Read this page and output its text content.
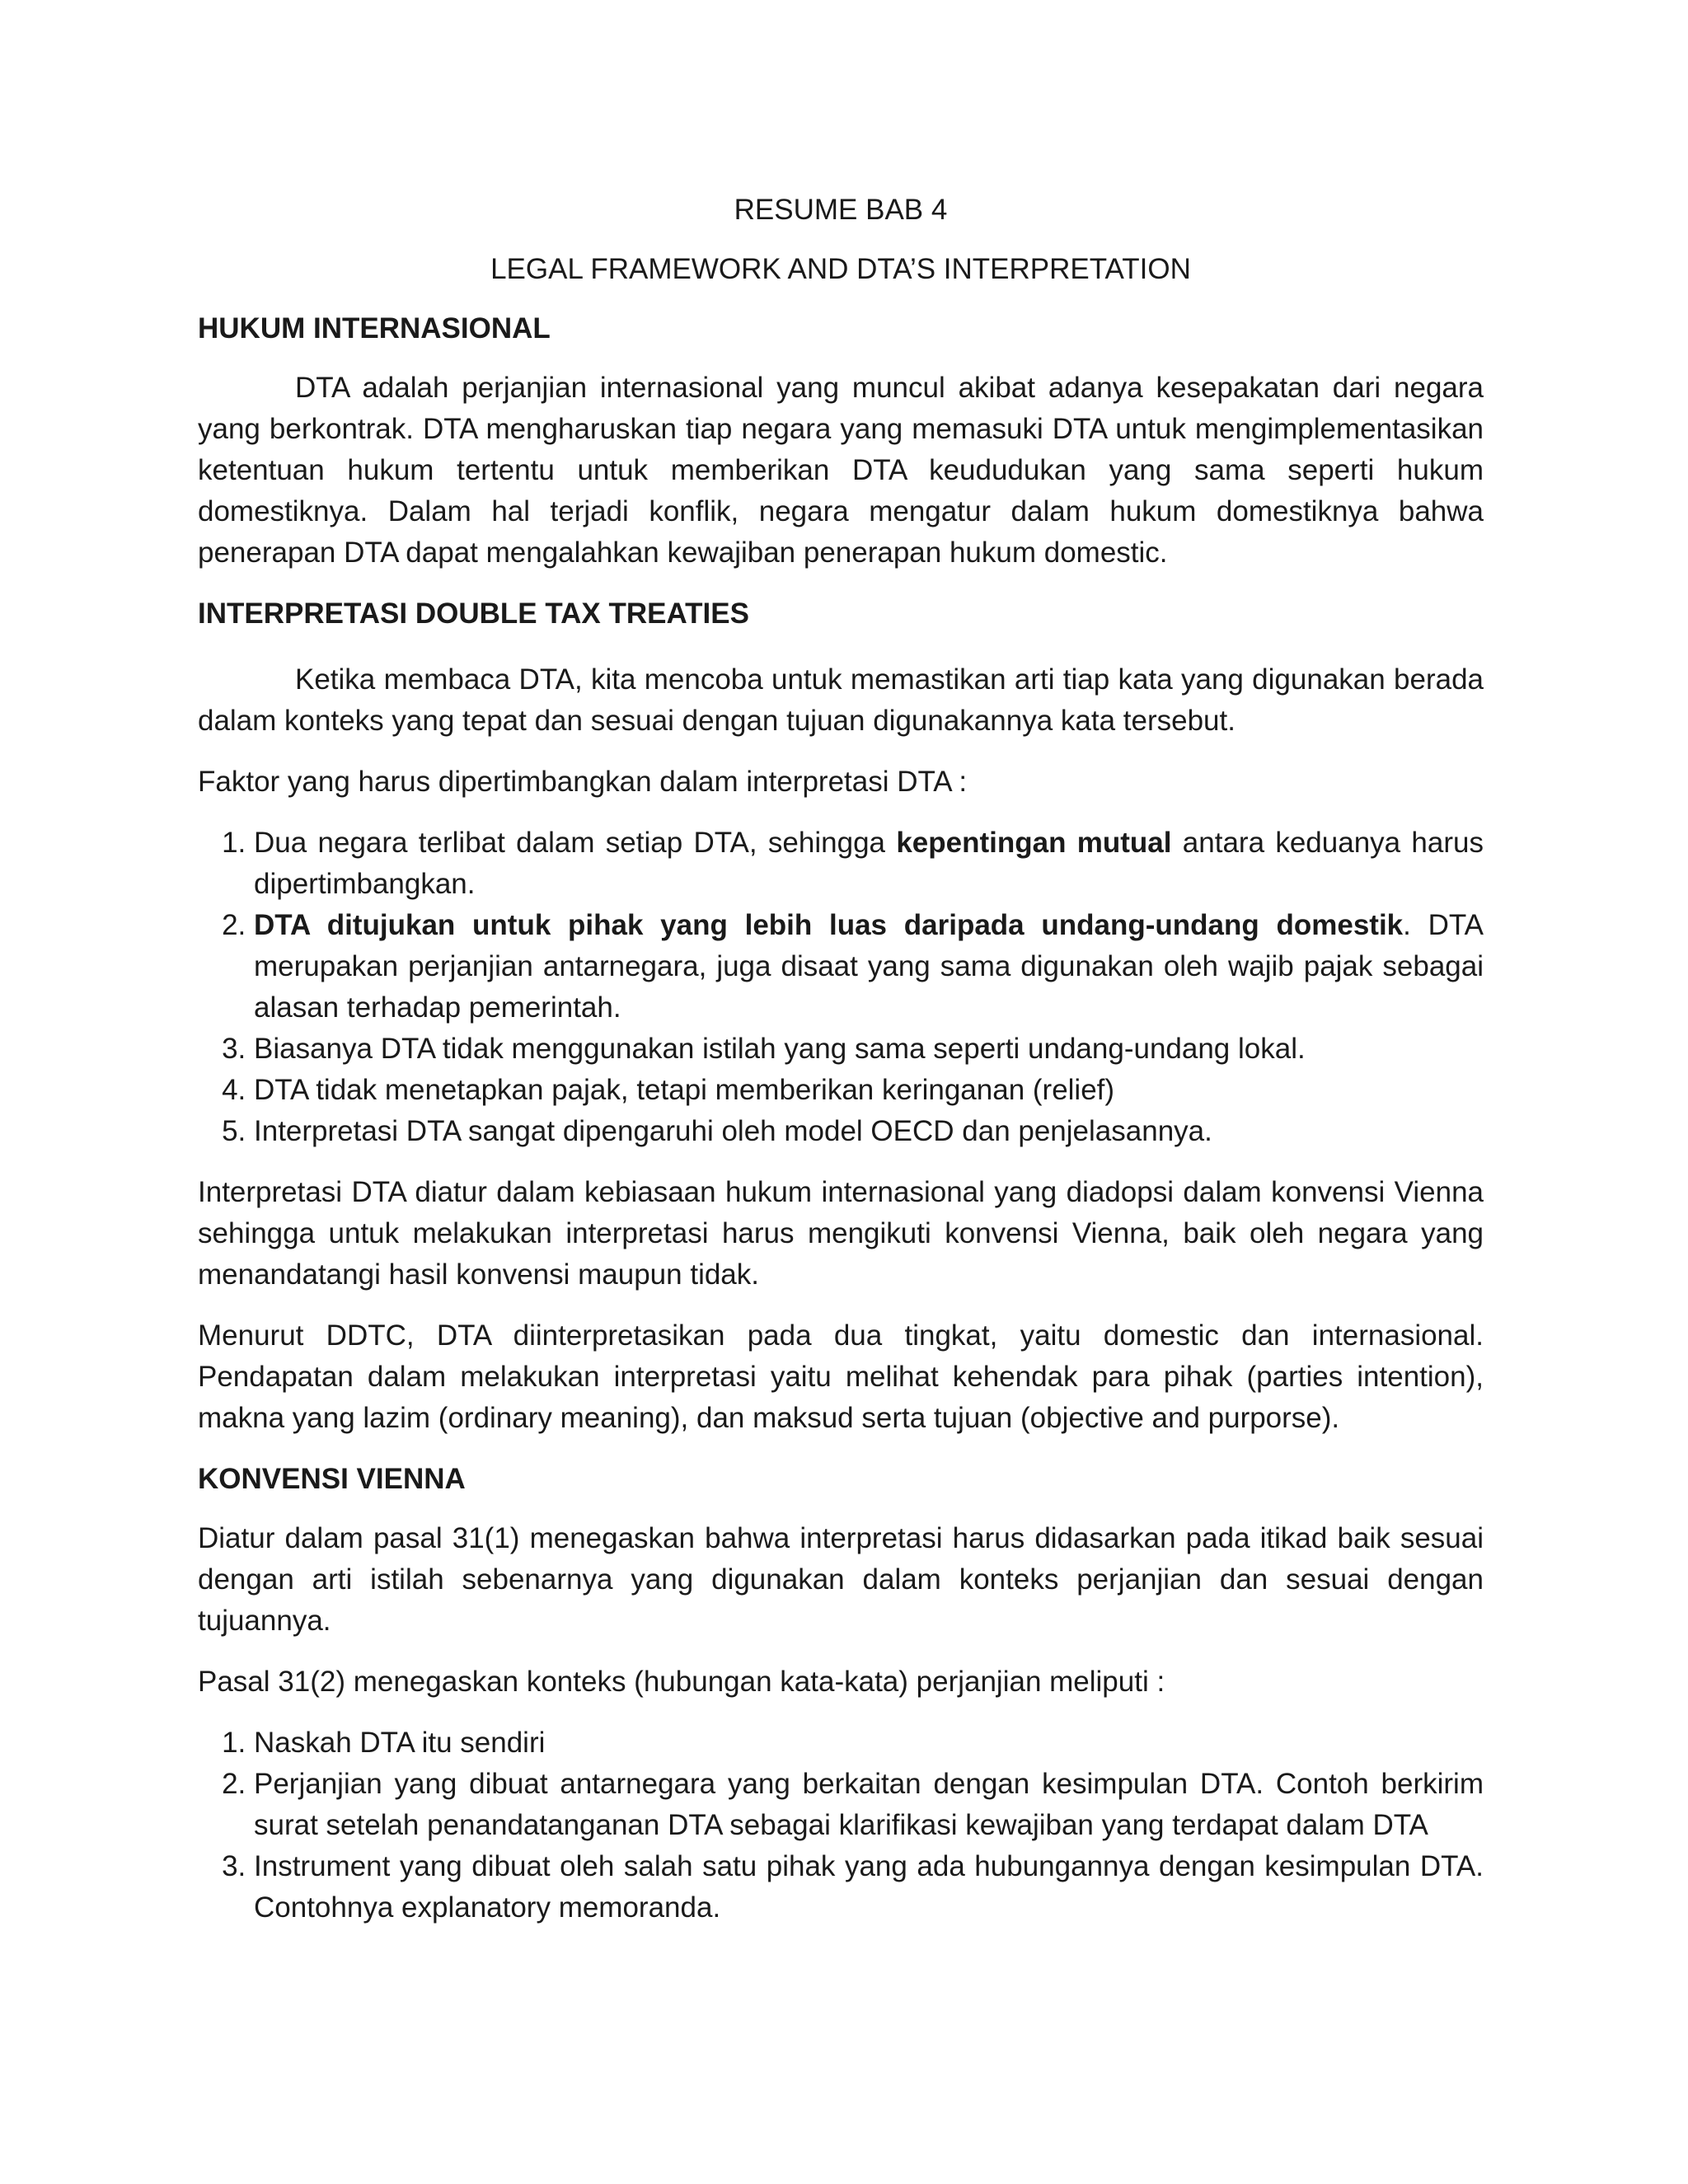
RESUME BAB 4
LEGAL FRAMEWORK AND DTA’S INTERPRETATION
HUKUM INTERNASIONAL

DTA adalah perjanjian internasional yang muncul akibat adanya kesepakatan dari negara yang berkontrak. DTA mengharuskan tiap negara yang memasuki DTA untuk mengimplementasikan ketentuan hukum tertentu untuk memberikan DTA keududukan yang sama seperti hukum domestiknya. Dalam hal terjadi konflik, negara mengatur dalam hukum domestiknya bahwa penerapan DTA dapat mengalahkan kewajiban penerapan hukum domestic.

INTERPRETASI DOUBLE TAX TREATIES

Ketika membaca DTA, kita mencoba untuk memastikan arti tiap kata yang digunakan berada dalam konteks yang tepat dan sesuai dengan tujuan digunakannya kata tersebut.

Faktor yang harus dipertimbangkan dalam interpretasi DTA :

1. Dua negara terlibat dalam setiap DTA, sehingga kepentingan mutual antara keduanya harus dipertimbangkan.
2. DTA ditujukan untuk pihak yang lebih luas daripada undang-undang domestik. DTA merupakan perjanjian antarnegara, juga disaat yang sama digunakan oleh wajib pajak sebagai alasan terhadap pemerintah.
3. Biasanya DTA tidak menggunakan istilah yang sama seperti undang-undang lokal.
4. DTA tidak menetapkan pajak, tetapi memberikan keringanan (relief)
5. Interpretasi DTA sangat dipengaruhi oleh model OECD dan penjelasannya.

Interpretasi DTA diatur dalam kebiasaan hukum internasional yang diadopsi dalam konvensi Vienna sehingga untuk melakukan interpretasi harus mengikuti konvensi Vienna, baik oleh negara yang menandatangi hasil konvensi maupun tidak.

Menurut DDTC, DTA diinterpretasikan pada dua tingkat, yaitu domestic dan internasional. Pendapatan dalam melakukan interpretasi yaitu melihat kehendak para pihak (parties intention), makna yang lazim (ordinary meaning), dan maksud serta tujuan (objective and purporse).

KONVENSI VIENNA

Diatur dalam pasal 31(1) menegaskan bahwa interpretasi harus didasarkan pada itikad baik sesuai dengan arti istilah sebenarnya yang digunakan dalam konteks perjanjian dan sesuai dengan tujuannya.

Pasal 31(2) menegaskan konteks (hubungan kata-kata) perjanjian meliputi :

1. Naskah DTA itu sendiri
2. Perjanjian yang dibuat antarnegara yang berkaitan dengan kesimpulan DTA. Contoh berkirim surat setelah penandatanganan DTA sebagai klarifikasi kewajiban yang terdapat dalam DTA
3. Instrument yang dibuat oleh salah satu pihak yang ada hubungannya dengan kesimpulan DTA. Contohnya explanatory memoranda.
